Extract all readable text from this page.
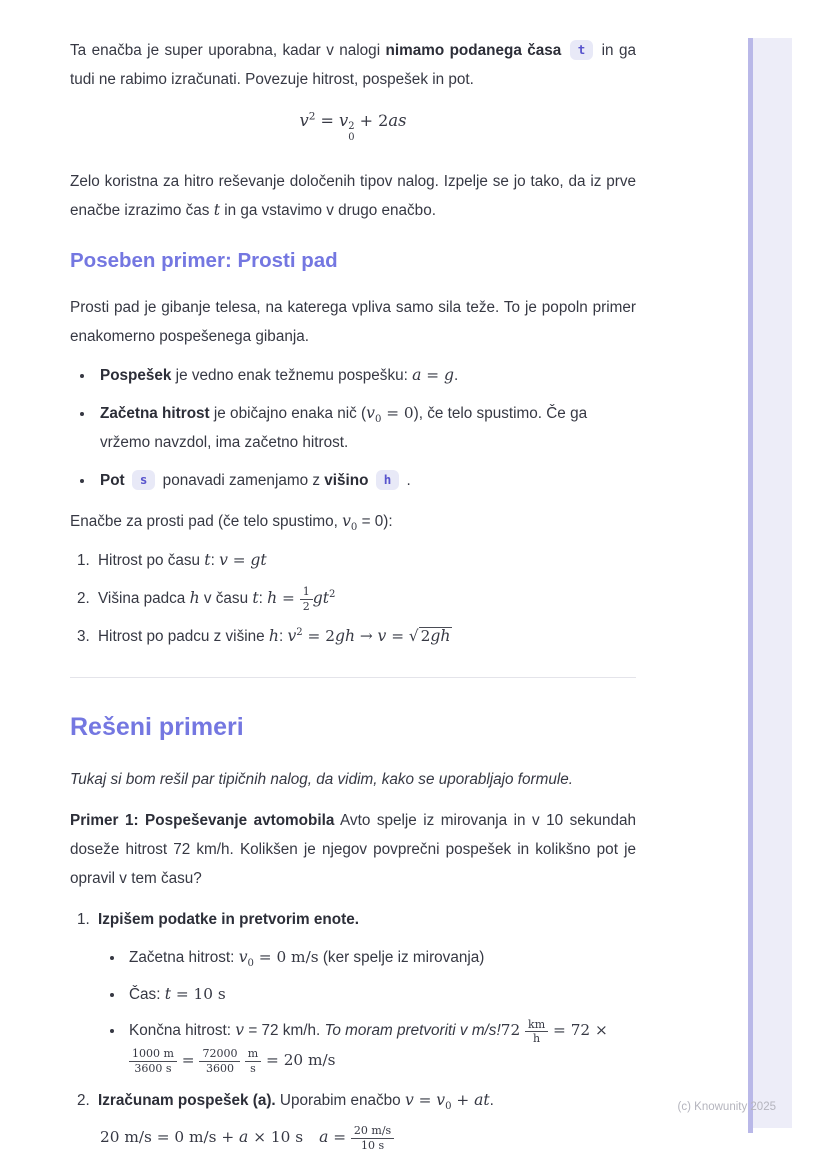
Ta enačba je super uporabna, kadar v nalogi nimamo podanega časa t in ga tudi ne rabimo izračunati. Povezuje hitrost, pospešek in pot.

$v^2 = v$ 2
0
+ 2as

Zelo koristna za hitro reševanje določenih tipov nalog. Izpelje se jo tako, da iz prve enačbe izrazimo čas t in ga vstavimo v drugo enačbo.

Poseben primer: Prosti pad

Prosti pad je gibanje telesa, na katerega vpliva samo sila teže. To je popoln primer enakomerno pospešenega gibanja.

• Pospešek je vedno enak težnemu pospešku: a = g.
• Začetna hitrost je običajno enaka nič $(v_0 = 0)$, če telo spustimo. Če ga vržemo navzdol, ima začetno hitrost.
• Pot s ponavadi zamenjamo z višino h .

Enačbe za prosti pad (če telo spustimo, $v_0 = 0$):

1. Hitrost po času t: v = gt
2. Višina padca h v času t: $h = \frac{1}{2} gt^2$
3. Hitrost po padcu z višine h: $v^2 = 2gh \to v$ = √ 2gh
Rešeni primeri

Tukaj si bom rešil par tipičnih nalog, da vidim, kako se uporabljajo formule.

Primer 1: Pospeševanje avtomobila Avto spelje iz mirovanja in v 10 sekundah doseže hitrost 72 km/h. Kolikšen je njegov povprečni pospešek in kolikšno pot je opravil v tem času?

1. Izpišem podatke in pretvorim enote.
• Začetna hitrost: $v_0 = 0$ m/s (ker spelje iz mirovanja)
• Čas: t = 10 s
• Končna hitrost: v = 72 km/h. To moram pretvoriti v $m/s!72 \frac{km}{h} = 72$ ×
$\frac{1000 m}{3600 s} = \frac{72000}{3600}$
$\frac{m}{s} = 20$ m/s
2. Izračunam pospešek (a). Uporabim enačbo $v = v_0$ + at.
20 m/s = 0 m/s + a × 10 s $a = \frac{20 m/s}{10 s}$
(c) Knowunity 2025
